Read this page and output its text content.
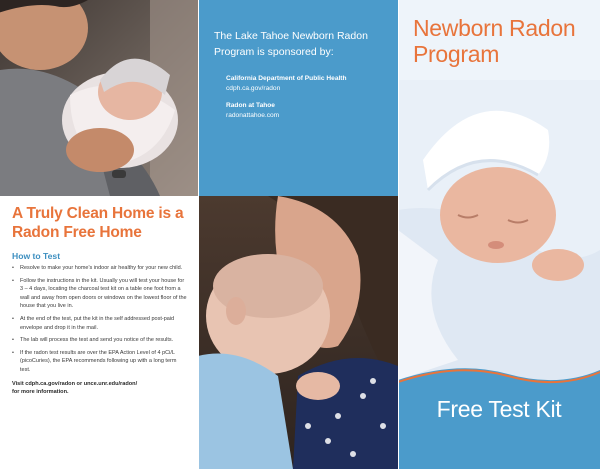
A Truly Clean Home is a
Radon Free Home
How to Test
• Resolve to make your home's indoor air healthy for your new child.
• Follow the instructions in the kit. Usually you will test your house for 3 – 4 days, locating the charcoal test kit on a table one foot from a wall and away from open doors or windows on the lowest floor of the house that you live in.
• At the end of the test, put the kit in the self addressed post-paid envelope and drop it in the mail.
• The lab will process the test and send you notice of the results.
• If the radon test results are over the EPA Action Level of 4 pCi/L (picoCuries), the EPA recommends following up with a long term test.
Visit cdph.ca.gov/radon or unce.unr.edu/radon/
for more information.
The Lake Tahoe Newborn Radon
Program is sponsored by:
California Department of Public Health
cdph.ca.gov/radon
Radon at Tahoe
radonattahoe.com
Newborn Radon
Program
Free Test Kit
